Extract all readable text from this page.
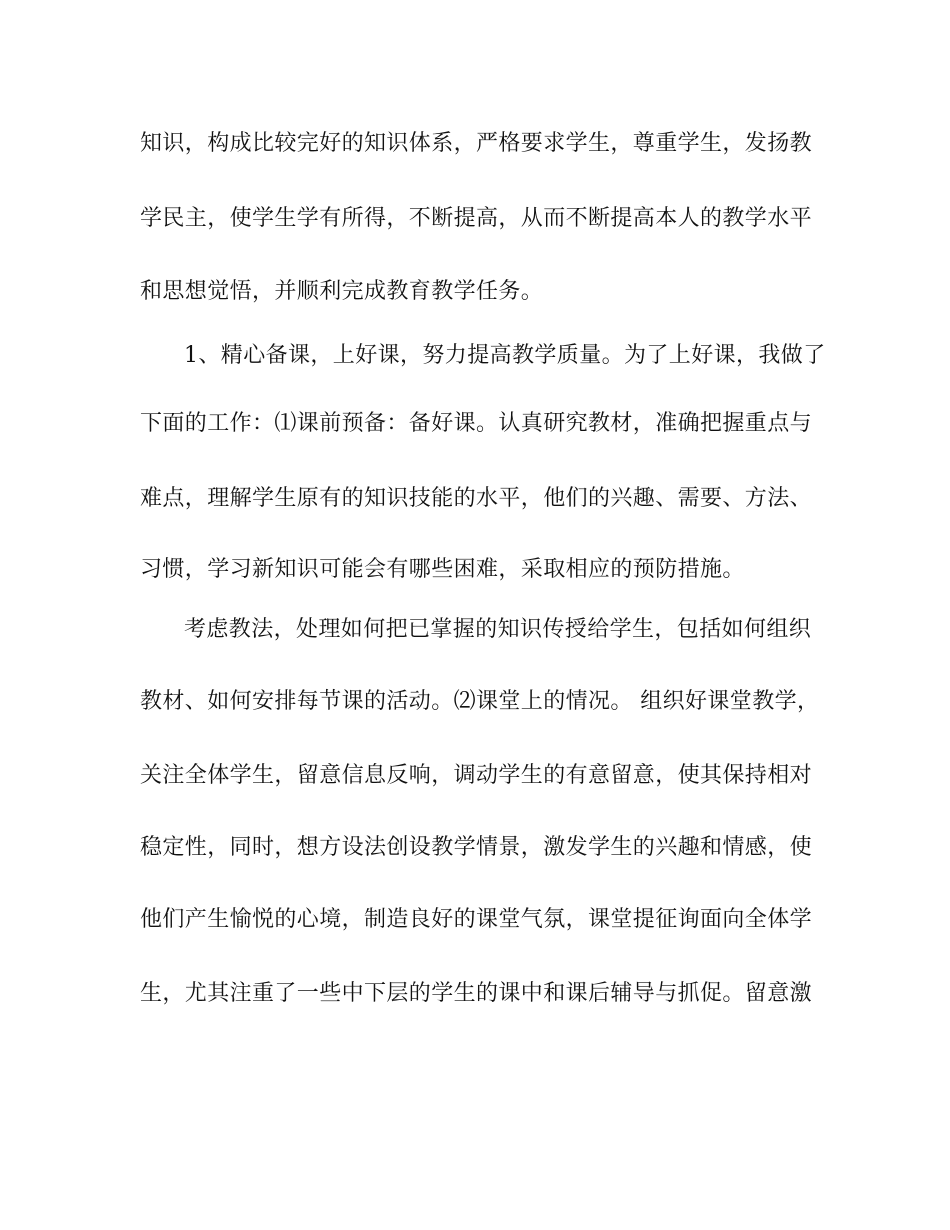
知识，构成比较完好的知识体系，严格要求学生，尊重学生，发扬教

学民主，使学生学有所得，不断提高，从而不断提高本人的教学水平

和思想觉悟，并顺利完成教育教学任务。

1、精心备课，上好课，努力提高教学质量。为了上好课，我做了

下面的工作：⑴课前预备：备好课。认真研究教材，准确把握重点与

难点，理解学生原有的知识技能的水平，他们的兴趣、需要、方法、

习惯，学习新知识可能会有哪些困难，采取相应的预防措施。

考虑教法，处理如何把已掌握的知识传授给学生，包括如何组织

教材、如何安排每节课的活动。⑵课堂上的情况。 组织好课堂教学，

关注全体学生，留意信息反响，调动学生的有意留意，使其保持相对

稳定性，同时，想方设法创设教学情景，激发学生的兴趣和情感，使

他们产生愉悦的心境，制造良好的课堂气氛，课堂提征询面向全体学

生，尤其注重了一些中下层的学生的课中和课后辅导与抓促。留意激
